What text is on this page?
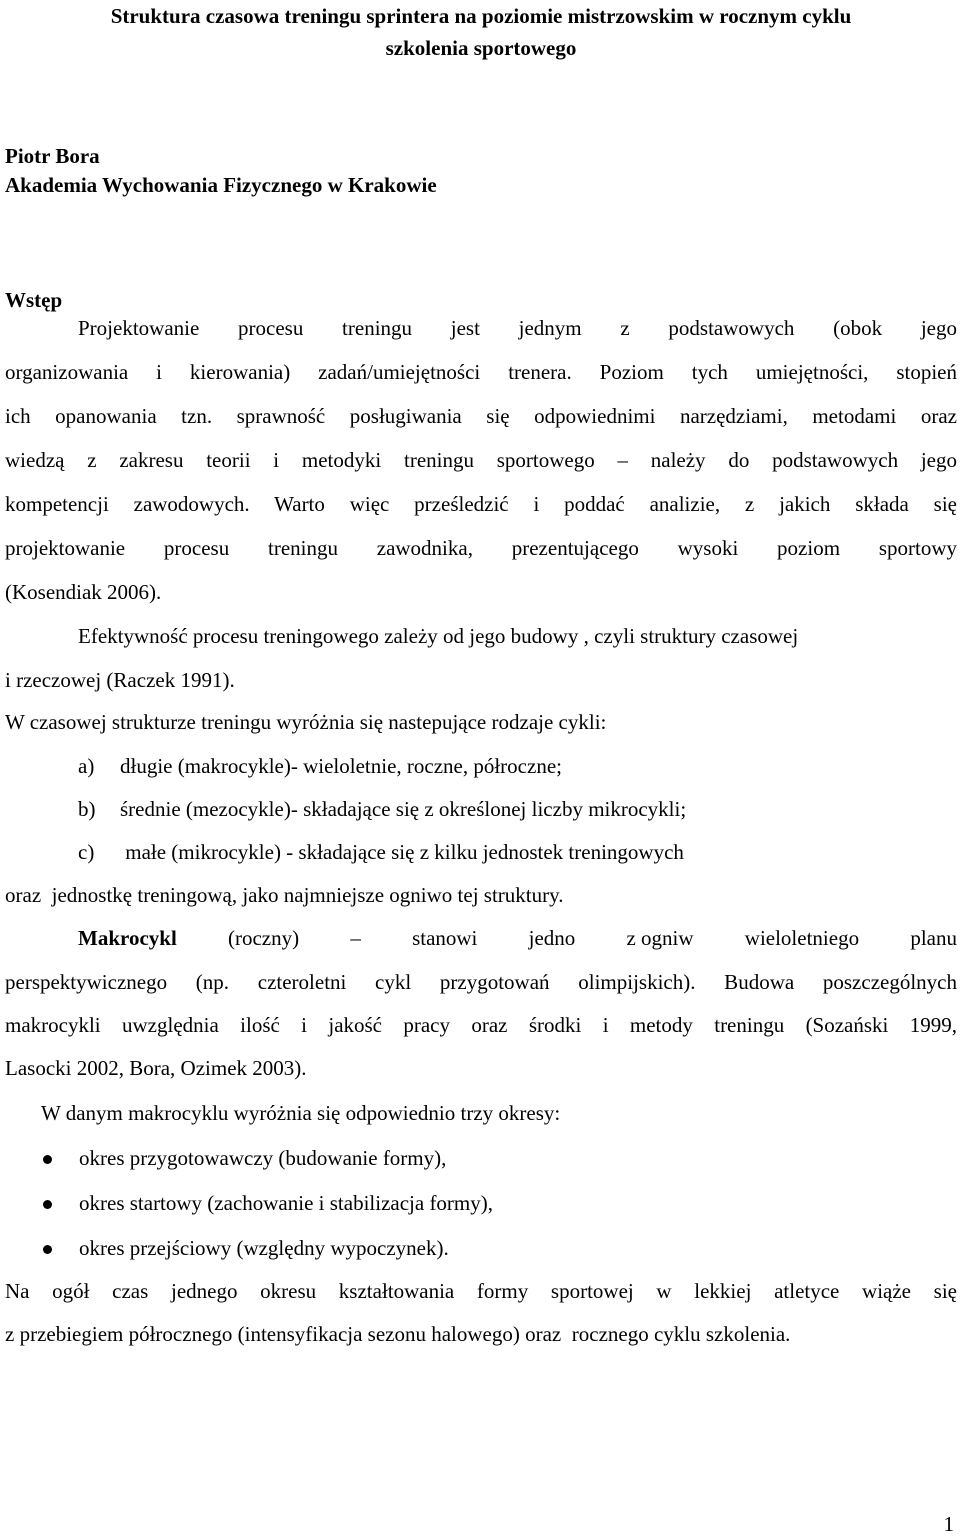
Struktura czasowa treningu sprintera na poziomie mistrzowskim w rocznym cyklu
szkolenia sportowego
Piotr Bora
Akademia Wychowania Fizycznego w Krakowie
Wstęp
Projektowanie procesu treningu jest jednym z podstawowych (obok jego
organizowania i kierowania) zadań/umiejętności trenera. Poziom tych umiejętności, stopień
ich opanowania tzn. sprawność posługiwania się odpowiednimi narzędziami, metodami oraz
wiedzą z zakresu teorii i metodyki treningu sportowego – należy do podstawowych jego
kompetencji zawodowych. Warto więc prześledzić i poddać analizie, z jakich składa się
projektowanie procesu treningu zawodnika, prezentującego wysoki poziom sportowy
(Kosendiak 2006).
Efektywność procesu treningowego zależy od jego budowy , czyli struktury czasowej
i rzeczowej (Raczek 1991).
W czasowej strukturze treningu wyróżnia się nastepujące rodzaje cykli:
a) długie (makrocykle)- wieloletnie, roczne, półroczne;
b) średnie (mezocykle)- składające się z określonej liczby mikrocykli;
c) małe (mikrocykle) - składające się z kilku jednostek treningowych
oraz  jednostkę treningową, jako najmniejsze ogniwo tej struktury.
Makrocykl (roczny) – stanowi jedno z ogniw wieloletniego planu
perspektywicznego (np. czteroletni cykl przygotowań olimpijskich). Budowa poszczególnych
makrocykli uwzględnia ilość i jakość pracy oraz środki i metody treningu (Sozański 1999,
Lasocki 2002, Bora, Ozimek 2003).
W danym makrocyklu wyróżnia się odpowiednio trzy okresy:
okres przygotowawczy (budowanie formy),
okres startowy (zachowanie i stabilizacja formy),
okres przejściowy (względny wypoczynek).
Na ogół czas jednego okresu kształtowania formy sportowej w lekkiej atletyce wiąże się
z przebiegiem półrocznego (intensyfikacja sezonu halowego) oraz  rocznego cyklu szkolenia.
1
